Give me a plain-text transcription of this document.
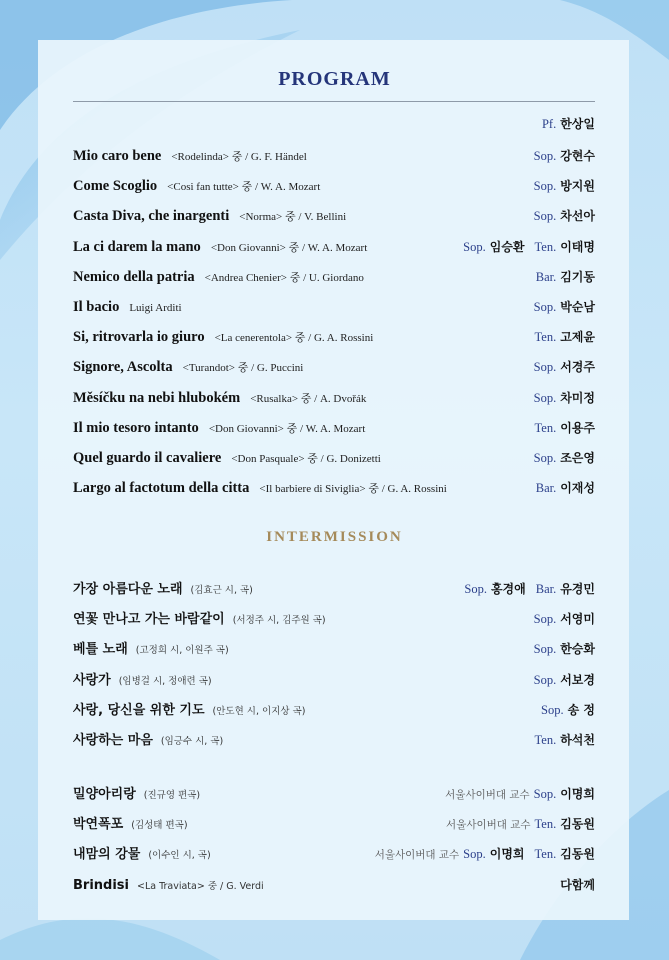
PROGRAM
Pf. 한상일
Mio caro bene <Rodelinda> 중 / G. F. Händel	Sop. 강현수
Come Scoglio <Cosi fan tutte> 중 / W. A. Mozart	Sop. 방지원
Casta Diva, che inargenti <Norma> 중 / V. Bellini	Sop. 차선아
La ci darem la mano <Don Giovanni> 중 / W. A. Mozart	Sop. 임승환 Ten. 이태명
Nemico della patria <Andrea Chenier> 중 / U. Giordano	Bar. 김기동
Il bacio Luigi Arditi	Sop. 박순남
Si, ritrovarla io giuro <La cenerentola> 중 / G. A. Rossini	Ten. 고제윤
Signore, Ascolta <Turandot> 중 / G. Puccini	Sop. 서경주
Měsíčku na nebi hlubokém <Rusalka> 중 / A. Dvořák	Sop. 차미정
Il mio tesoro intanto <Don Giovanni> 중 / W. A. Mozart	Ten. 이용주
Quel guardo il cavaliere <Don Pasquale> 중 / G. Donizetti	Sop. 조은영
Largo al factotum della citta <Il barbiere di Siviglia> 중 / G. A. Rossini	Bar. 이재성
INTERMISSION
가장 아름다운 노래 (김효근 시, 곡)	Sop. 홍경애 Bar. 유경민
연꽃 만나고 가는 바람같이 (서정주 시, 김주원 곡)	Sop. 서영미
베틀 노래 (고정희 시, 이원주 곡)	Sop. 한승화
사랑가 (임병걸 시, 정애련 곡)	Sop. 서보경
사랑, 당신을 위한 기도 (안도현 시, 이지상 곡)	Sop. 송 정
사랑하는 마음 (임긍수 시, 곡)	Ten. 하석천
밀양아리랑 (진규영 편곡)	서울사이버대 교수 Sop. 이명희
박연폭포 (김성태 편곡)	서울사이버대 교수 Ten. 김동원
내맘의 강물 (이수인 시, 곡)	서울사이버대 교수 Sop. 이명희 Ten. 김동원
Brindisi <La Traviata> 중 / G. Verdi	다함께
